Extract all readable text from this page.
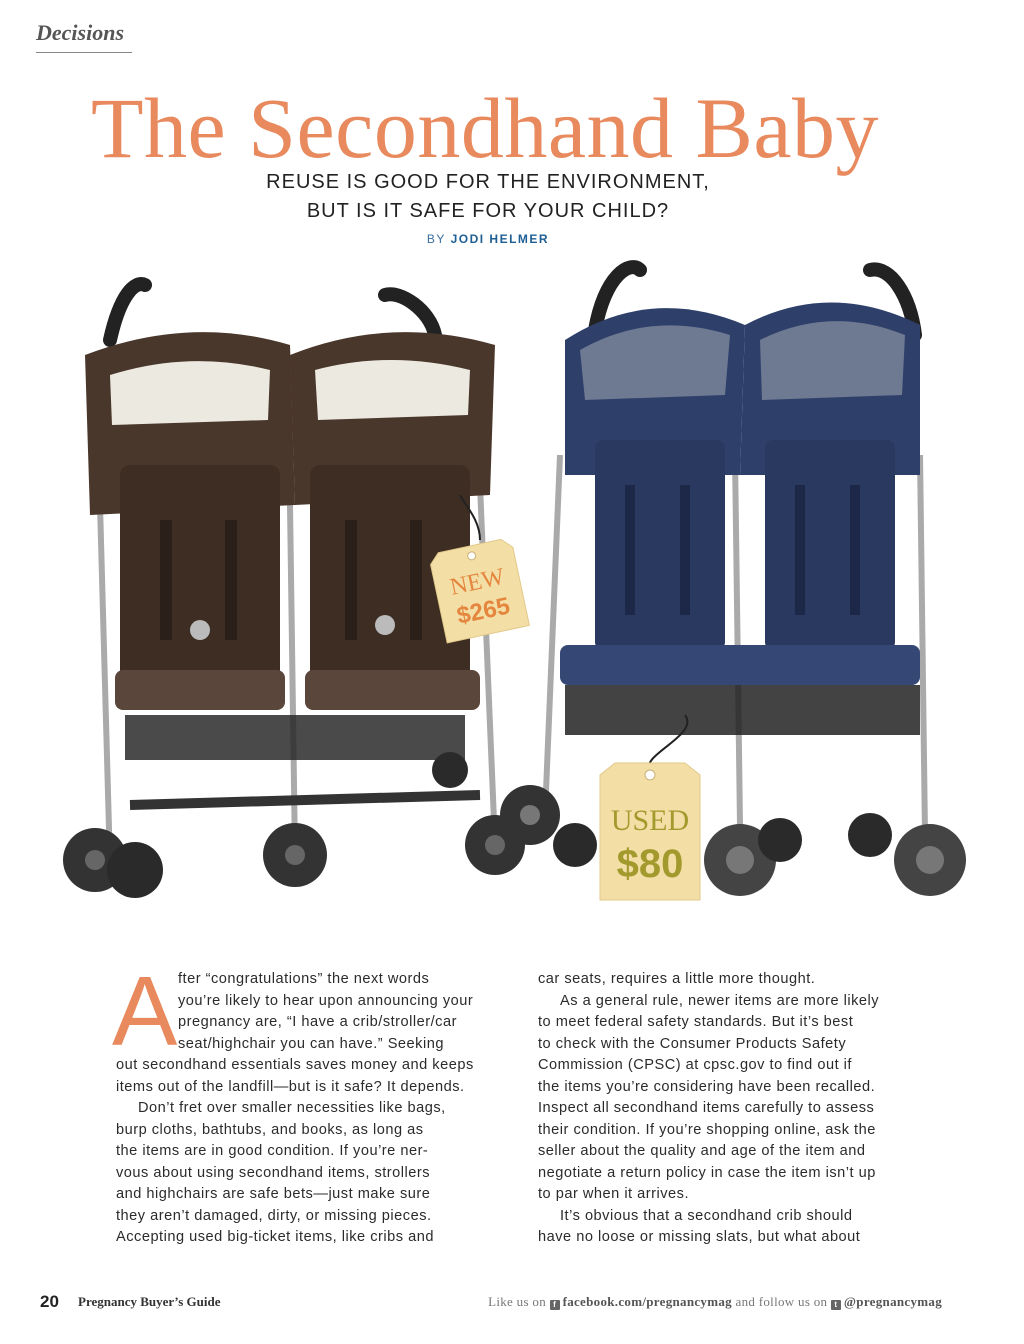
Decisions
The Secondhand Baby
REUSE IS GOOD FOR THE ENVIRONMENT,
BUT IS IT SAFE FOR YOUR CHILD?
BY JODI HELMER
NEW
$265
USED
$80
A fter “congratulations” the next words
you’re likely to hear upon announcing your
pregnancy are, “I have a crib/stroller/car
seat/highchair you can have.” Seeking
out secondhand essentials saves money and keeps
items out of the landfill—but is it safe? It depends.
Don’t fret over smaller necessities like bags,
burp cloths, bathtubs, and books, as long as
the items are in good condition. If you’re ner-
vous about using secondhand items, strollers
and highchairs are safe bets—just make sure
they aren’t damaged, dirty, or missing pieces.
Accepting used big-ticket items, like cribs and
car seats, requires a little more thought.
As a general rule, newer items are more likely
to meet federal safety standards. But it’s best
to check with the Consumer Products Safety
Commission (CPSC) at cpsc.gov to find out if
the items you’re considering have been recalled.
Inspect all secondhand items carefully to assess
their condition. If you’re shopping online, ask the
seller about the quality and age of the item and
negotiate a return policy in case the item isn’t up
to par when it arrives.
It’s obvious that a secondhand crib should
have no loose or missing slats, but what about
20 Pregnancy Buyer’s Guide	Like us on f facebook.com/pregnancymag and follow us on t @pregnancymag
